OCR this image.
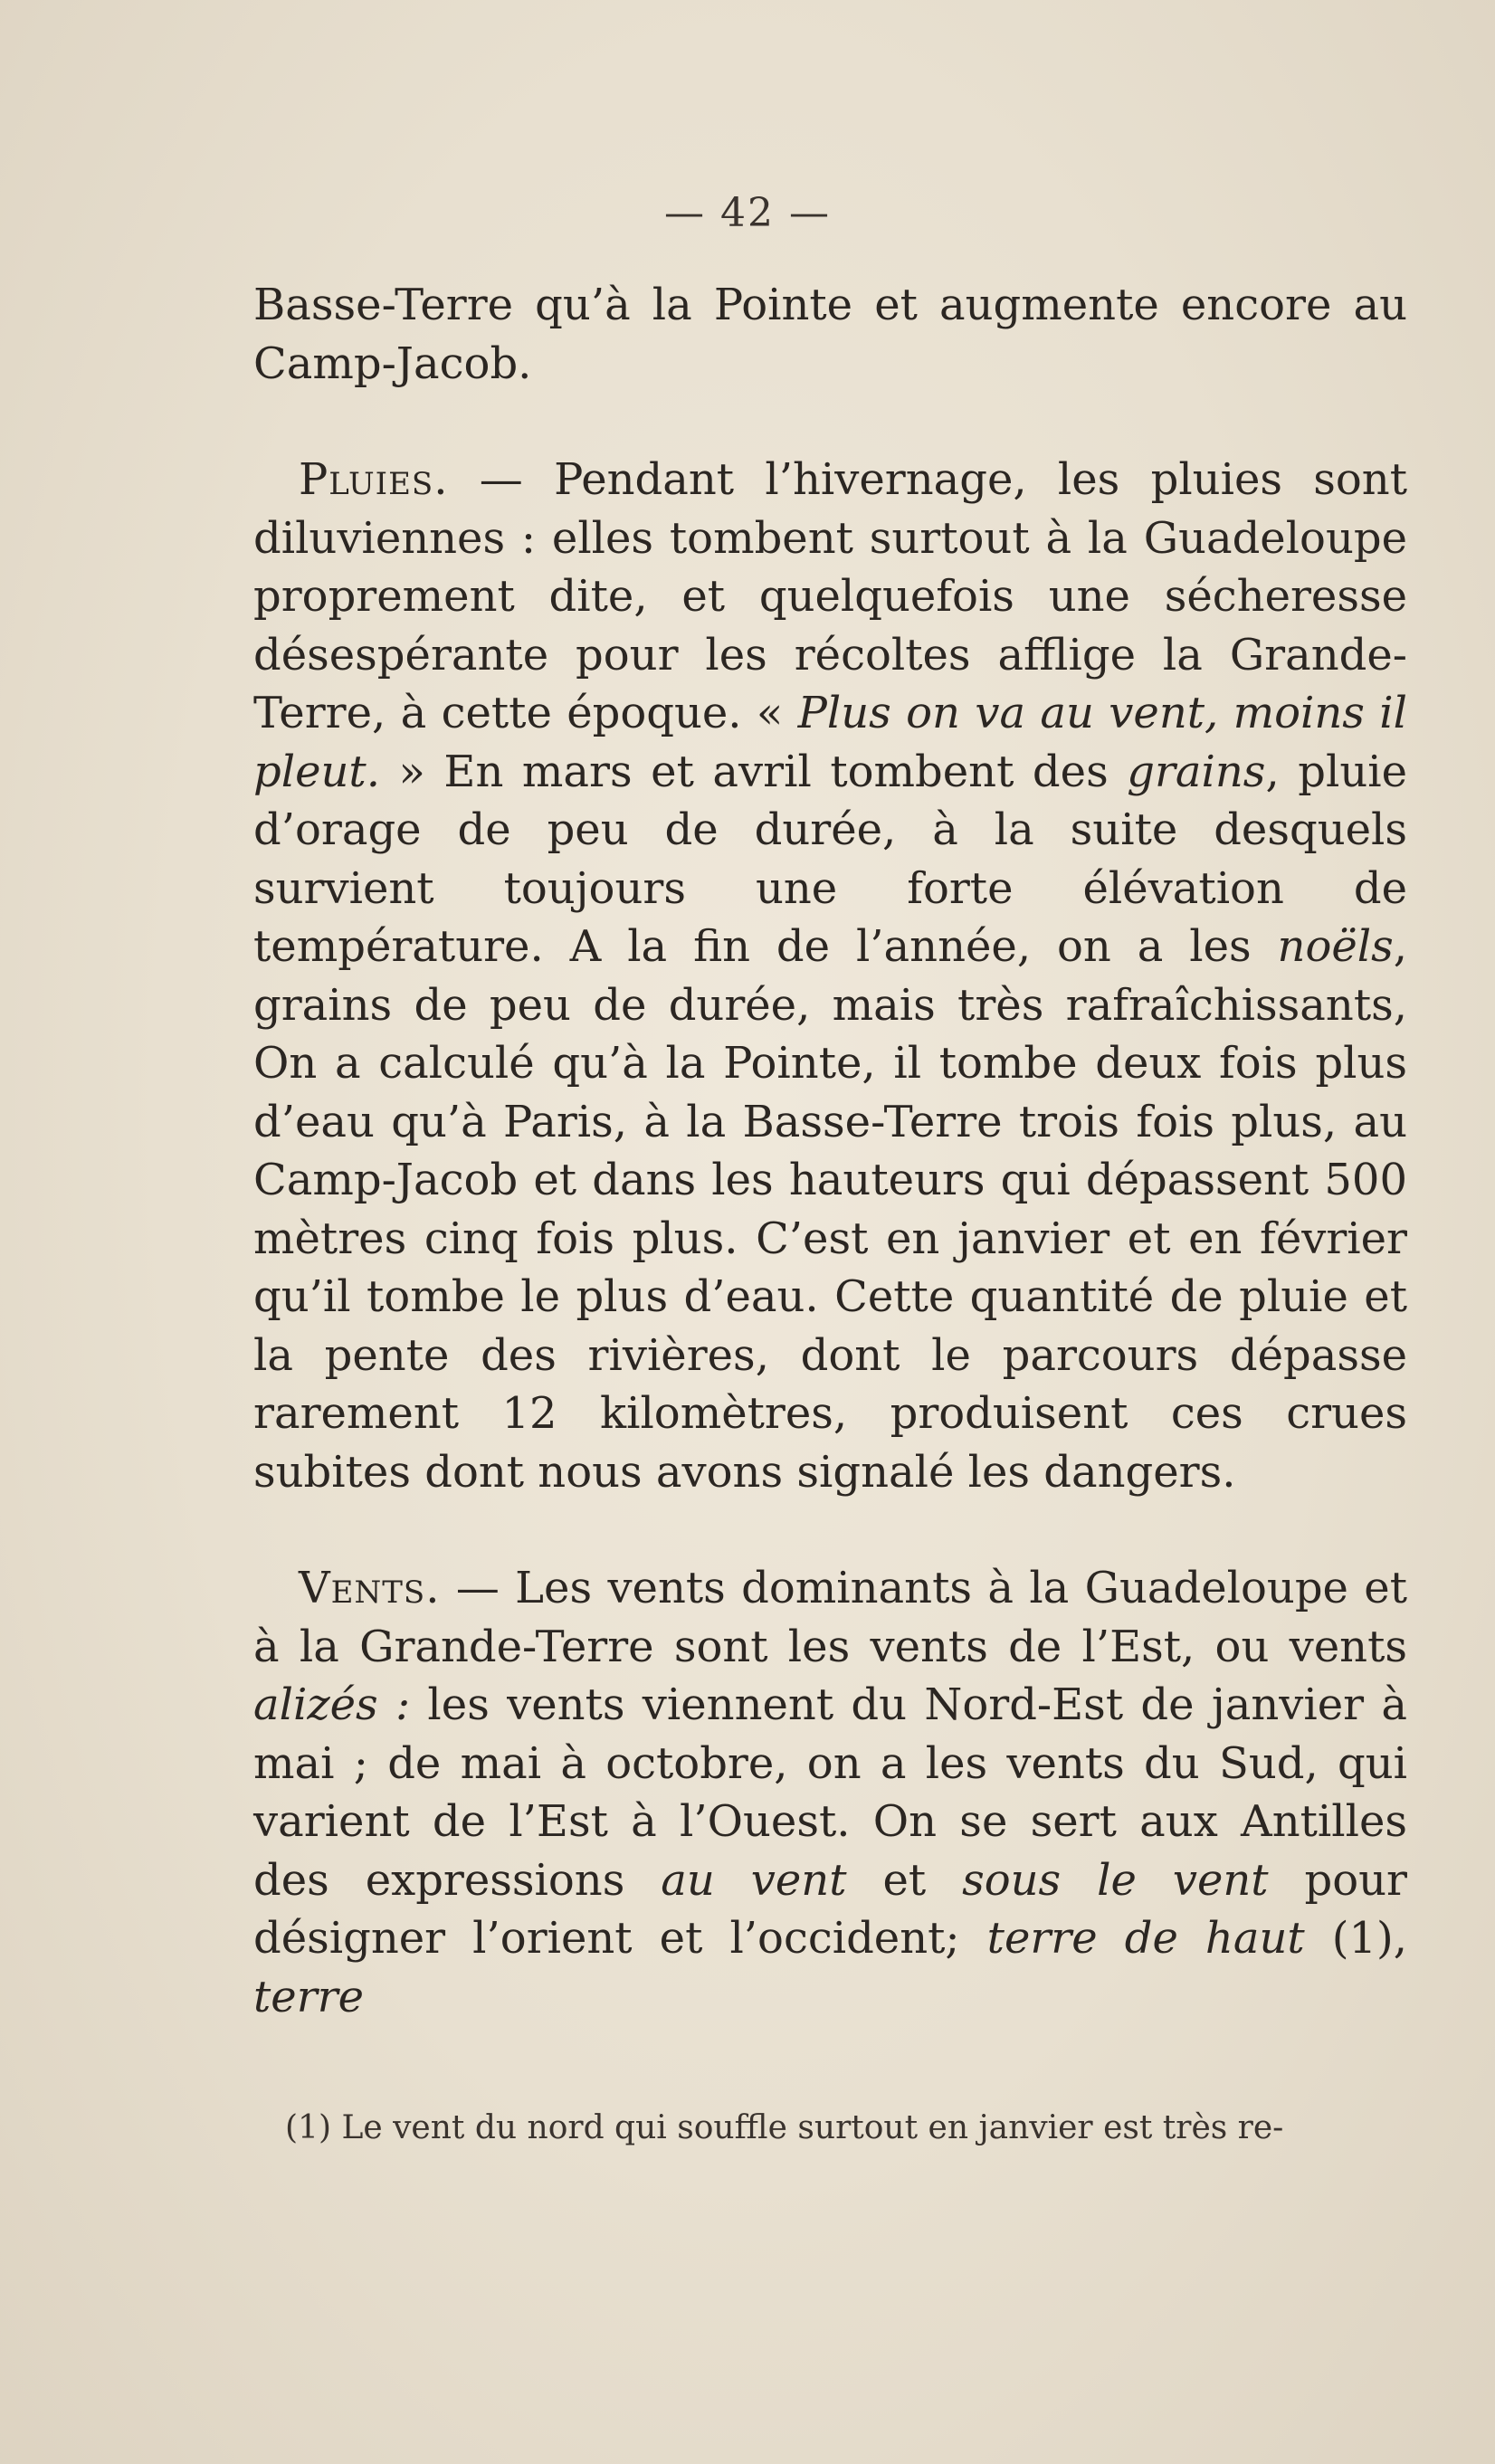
— 42 —

Basse-Terre qu’à la Pointe et augmente encore au Camp-Jacob.

Pluies. — Pendant l’hivernage, les pluies sont diluviennes : elles tombent surtout à la Guadeloupe proprement dite, et quelquefois une sécheresse désespérante pour les récoltes afflige la Grande-Terre, à cette époque. « Plus on va au vent, moins il pleut. » En mars et avril tombent des grains, pluie d’orage de peu de durée, à la suite desquels survient toujours une forte élévation de température. A la fin de l’année, on a les noëls, grains de peu de durée, mais très rafraîchissants, On a calculé qu’à la Pointe, il tombe deux fois plus d’eau qu’à Paris, à la Basse-Terre trois fois plus, au Camp-Jacob et dans les hauteurs qui dépassent 500 mètres cinq fois plus. C’est en janvier et en février qu’il tombe le plus d’eau. Cette quantité de pluie et la pente des rivières, dont le parcours dépasse rarement 12 kilomètres, produisent ces crues subites dont nous avons signalé les dangers.

Vents. — Les vents dominants à la Guadeloupe et à la Grande-Terre sont les vents de l’Est, ou vents alizés : les vents viennent du Nord-Est de janvier à mai ; de mai à octobre, on a les vents du Sud, qui varient de l’Est à l’Ouest. On se sert aux Antilles des expressions au vent et sous le vent pour désigner l’orient et l’occident; terre de haut (1), terre

(1) Le vent du nord qui souffle surtout en janvier est très re-
